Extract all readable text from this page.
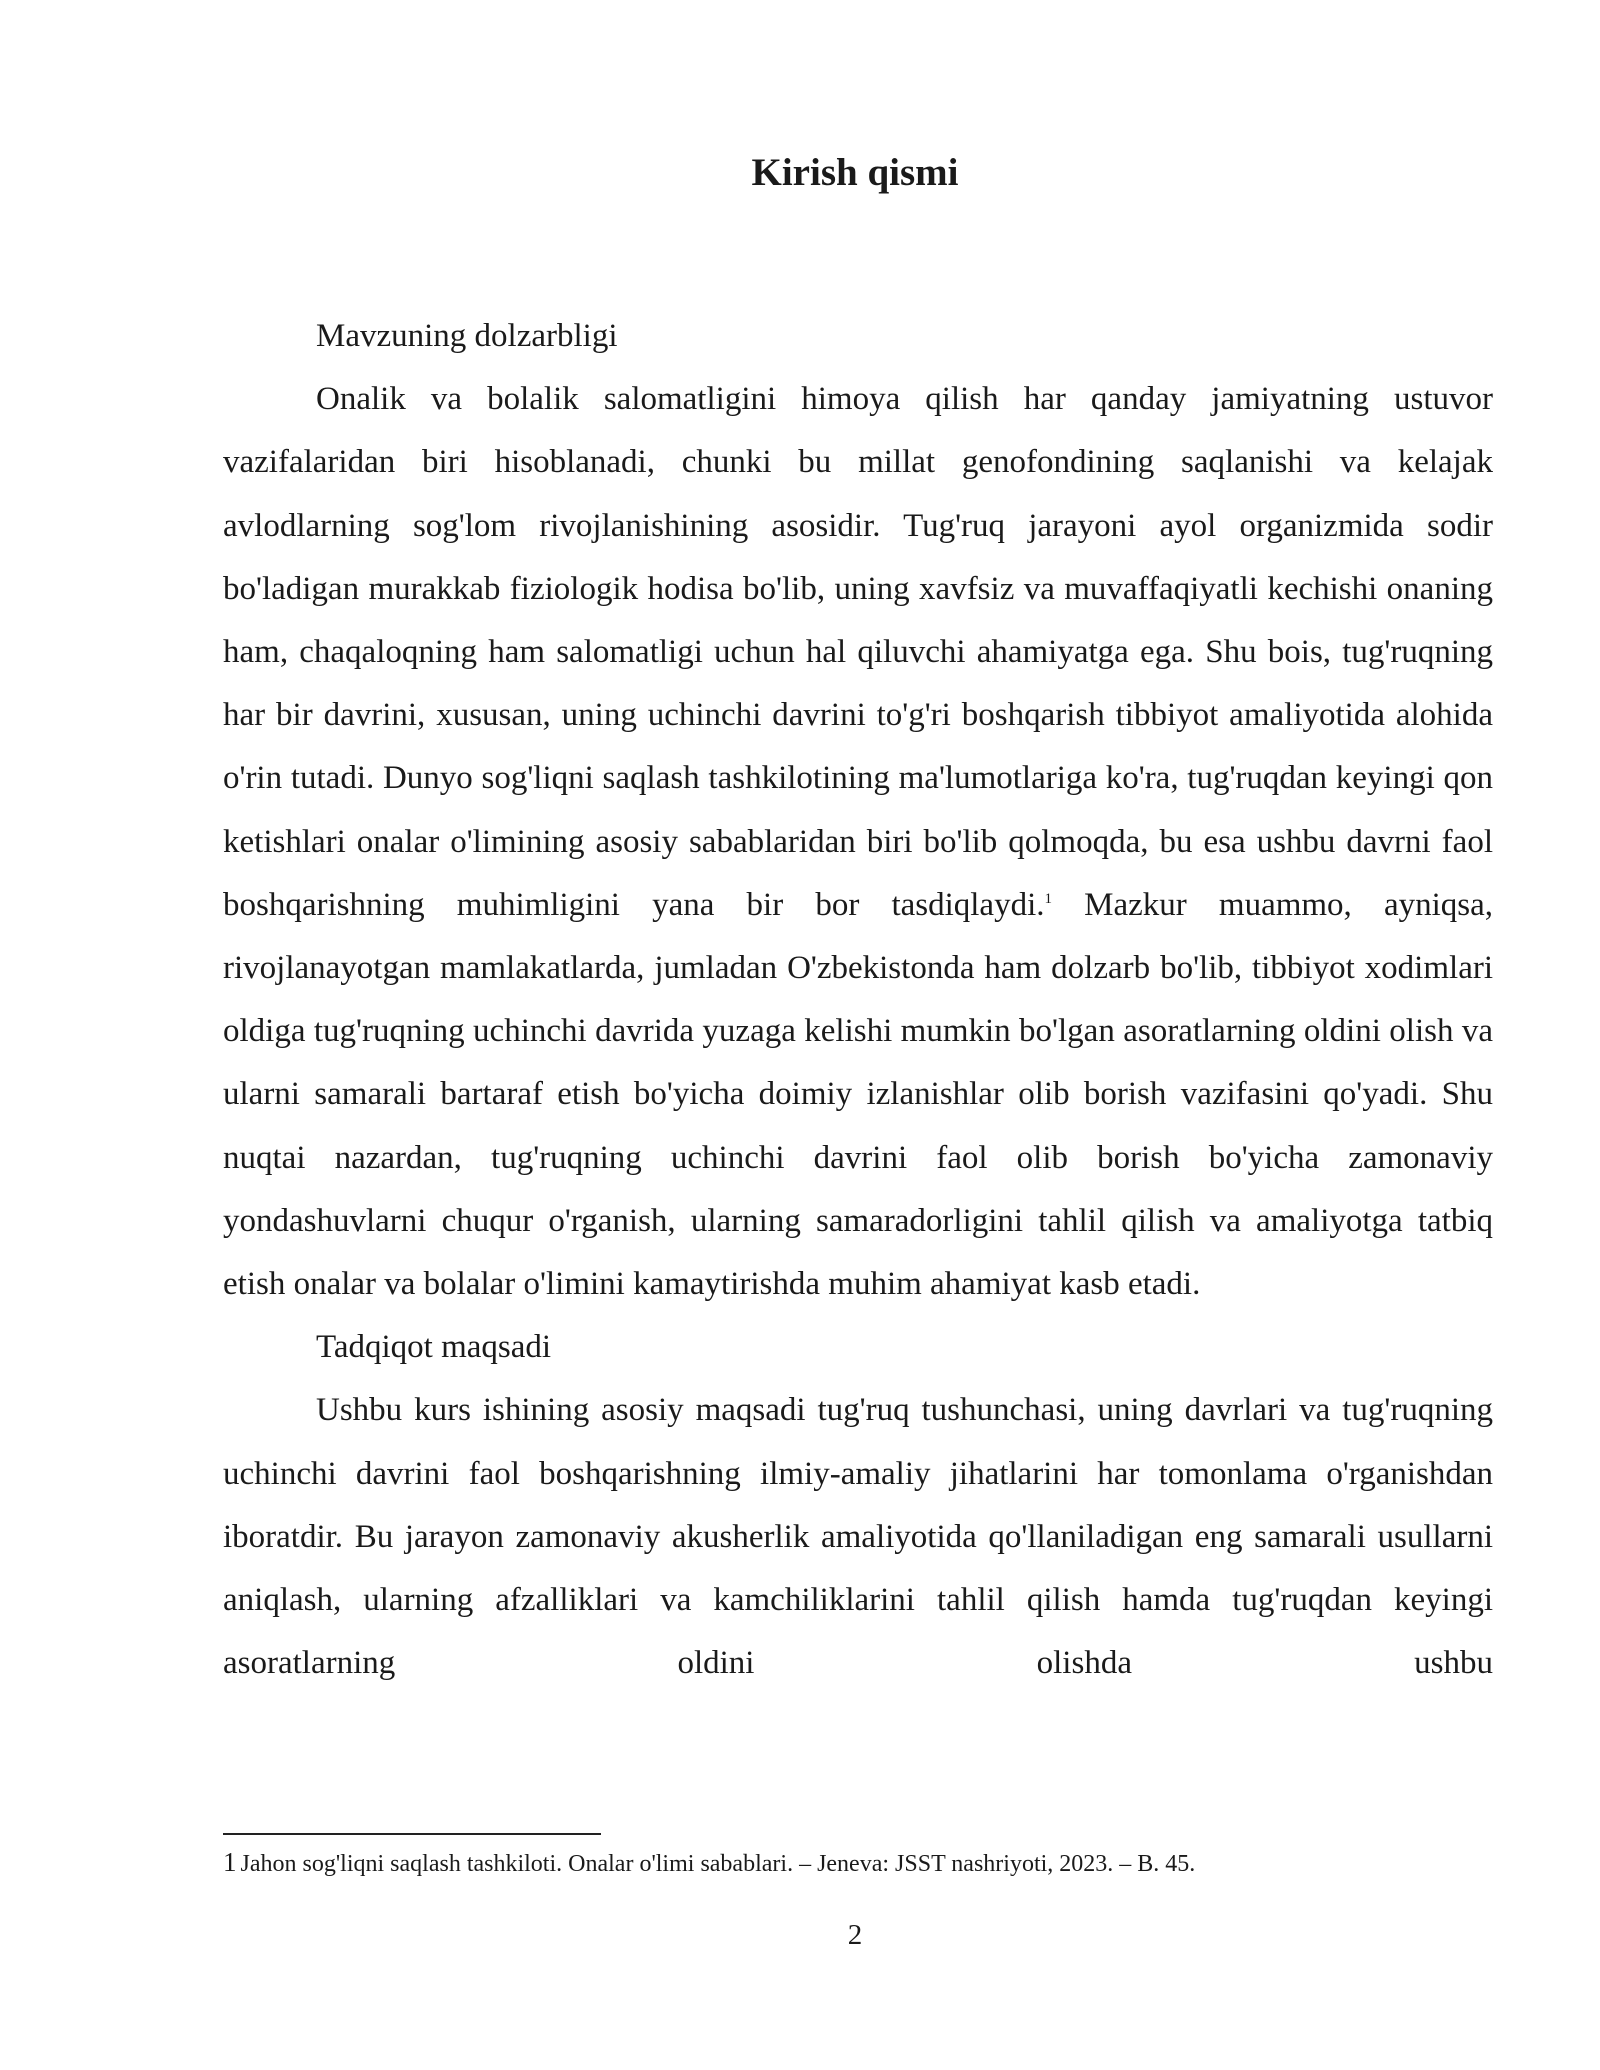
Kirish qismi

Mavzuning dolzarbligi

Onalik va bolalik salomatligini himoya qilish har qanday jamiyatning ustuvor vazifalaridan biri hisoblanadi, chunki bu millat genofondining saqlanishi va kelajak avlodlarning sog'lom rivojlanishining asosidir. Tug'ruq jarayoni ayol organizmida sodir bo'ladigan murakkab fiziologik hodisa bo'lib, uning xavfsiz va muvaffaqiyatli kechishi onaning ham, chaqaloqning ham salomatligi uchun hal qiluvchi ahamiyatga ega. Shu bois, tug'ruqning har bir davrini, xususan, uning uchinchi davrini to'g'ri boshqarish tibbiyot amaliyotida alohida o'rin tutadi. Dunyo sog'liqni saqlash tashkilotining ma'lumotlariga ko'ra, tug'ruqdan keyingi qon ketishlari onalar o'limining asosiy sabablaridan biri bo'lib qolmoqda, bu esa ushbu davrni faol boshqarishning muhimligini yana bir bor tasdiqlaydi.$^1$ Mazkur muammo, ayniqsa, rivojlanayotgan mamlakatlarda, jumladan O'zbekistonda ham dolzarb bo'lib, tibbiyot xodimlari oldiga tug'ruqning uchinchi davrida yuzaga kelishi mumkin bo'lgan asoratlarning oldini olish va ularni samarali bartaraf etish bo'yicha doimiy izlanishlar olib borish vazifasini qo'yadi. Shu nuqtai nazardan, tug'ruqning uchinchi davrini faol olib borish bo'yicha zamonaviy yondashuvlarni chuqur o'rganish, ularning samaradorligini tahlil qilish va amaliyotga tatbiq etish onalar va bolalar o'limini kamaytirishda muhim ahamiyat kasb etadi.

Tadqiqot maqsadi

Ushbu kurs ishining asosiy maqsadi tug'ruq tushunchasi, uning davrlari va tug'ruqning uchinchi davrini faol boshqarishning ilmiy-amaliy jihatlarini har tomonlama o'rganishdan iboratdir. Bu jarayon zamonaviy akusherlik amaliyotida qo'llaniladigan eng samarali usullarni aniqlash, ularning afzalliklari va kamchiliklarini tahlil qilish hamda tug'ruqdan keyingi asoratlarning oldini olishda ushbu

1 Jahon sog'liqni saqlash tashkiloti. Onalar o'limi sabablari. – Jeneva: JSST nashriyoti, 2023. – B. 45.

2
